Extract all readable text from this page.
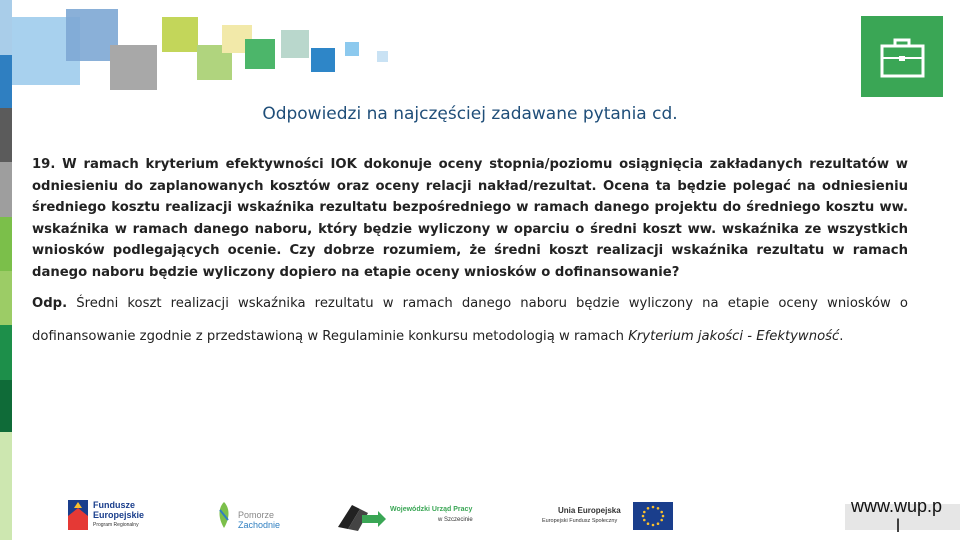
Odpowiedzi na najczęściej zadawane pytania cd.
19. W ramach kryterium efektywności IOK dokonuje oceny stopnia/poziomu osiągnięcia zakładanych rezultatów w odniesieniu do zaplanowanych kosztów oraz oceny relacji nakład/rezultat. Ocena ta będzie polegać na odniesieniu średniego kosztu realizacji wskaźnika rezultatu bezpośredniego w ramach danego projektu do średniego kosztu ww. wskaźnika w ramach danego naboru, który będzie wyliczony w oparciu o średni koszt ww. wskaźnika ze wszystkich wniosków podlegających ocenie. Czy dobrze rozumiem, że średni koszt realizacji wskaźnika rezultatu w ramach danego naboru będzie wyliczony dopiero na etapie oceny wniosków o dofinansowanie?
Odp. Średni koszt realizacji wskaźnika rezultatu w ramach danego naboru będzie wyliczony na etapie oceny wniosków o dofinansowanie zgodnie z przedstawioną w Regulaminie konkursu metodologią w ramach Kryterium jakości - Efektywność.
Fundusze
Europejskie
Program Regionalny
Pomorze
Zachodnie
Wojewódzki Urząd Pracy
w Szczecinie
Unia Europejska
Europejski Fundusz Społeczny
www.wup.p
l
